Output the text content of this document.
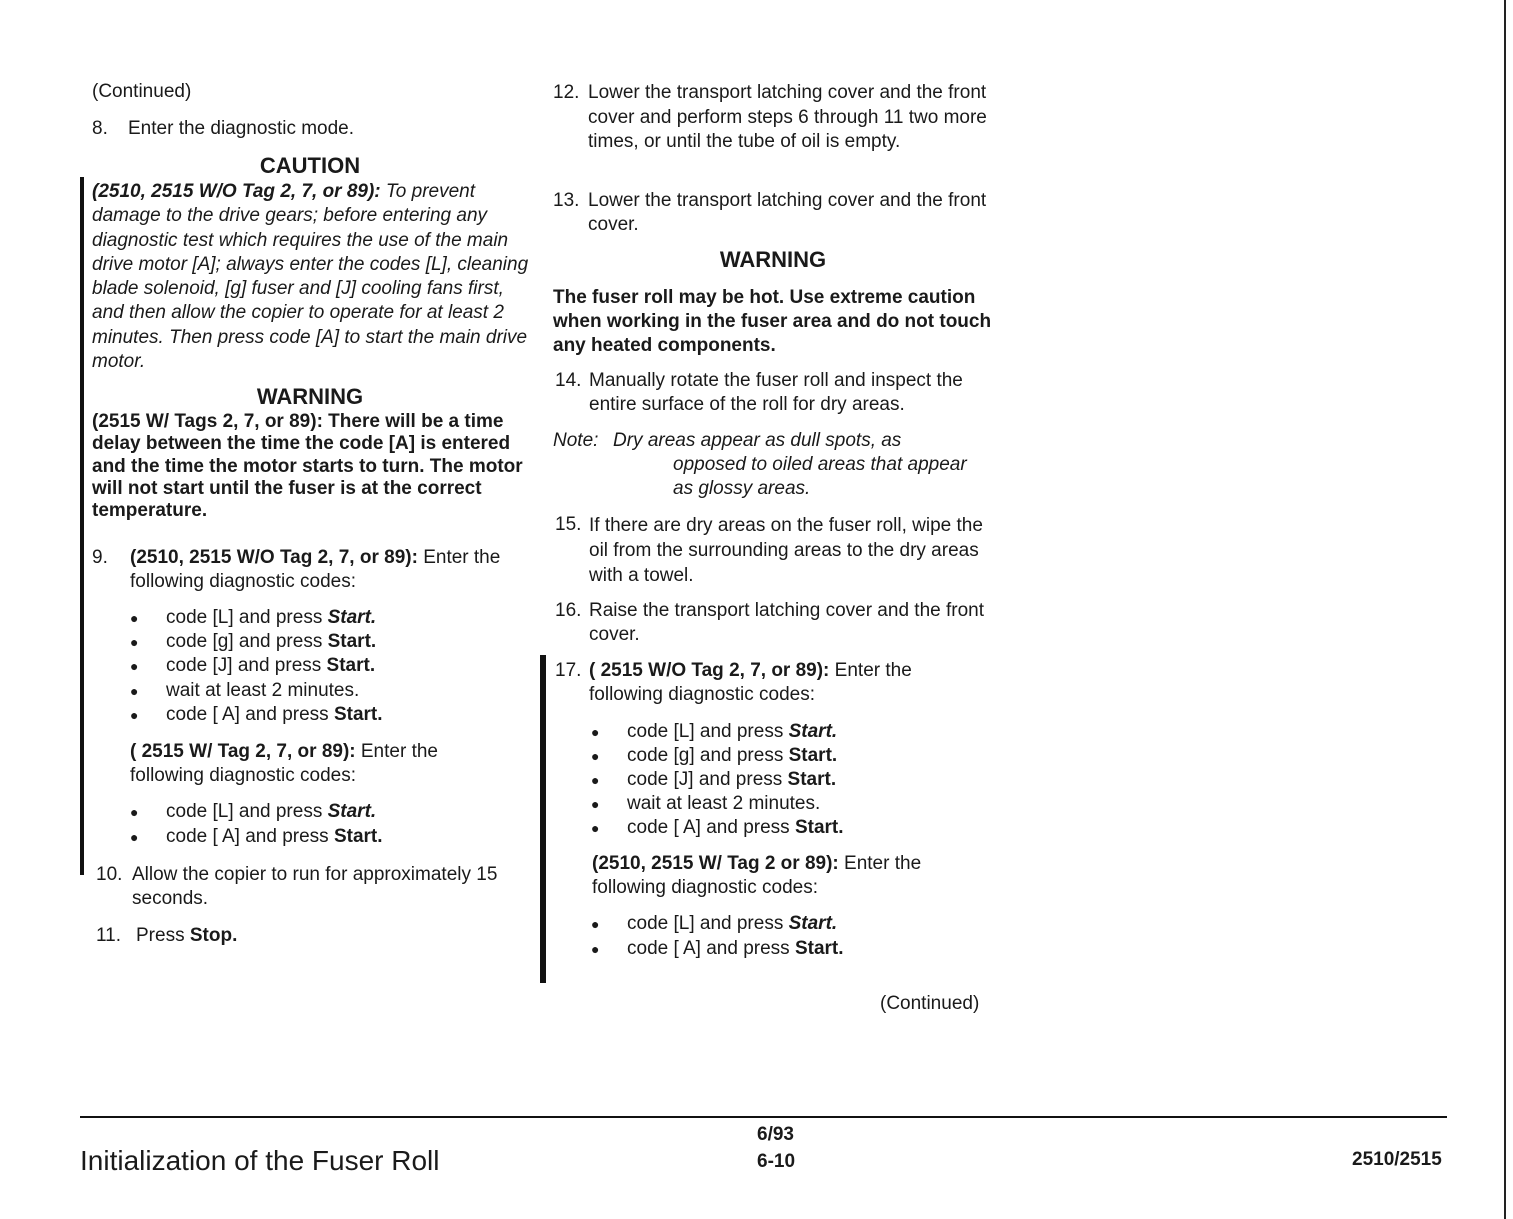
(Continued)
8. Enter the diagnostic mode.
CAUTION
(2510, 2515 W/O Tag 2, 7, or 89): To prevent damage to the drive gears; before entering any diagnostic test which requires the use of the main drive motor [A]; always enter the codes [L], cleaning blade solenoid, [g] fuser and [J] cooling fans first, and then allow the copier to operate for at least 2 minutes. Then press code [A] to start the main drive motor.
WARNING
(2515 W/ Tags 2, 7, or 89): There will be a time delay between the time the code [A] is entered and the time the motor starts to turn. The motor will not start until the fuser is at the correct temperature.
9. (2510, 2515 W/O Tag 2, 7, or 89): Enter the following diagnostic codes:
● code [L] and press Start.
● code [g] and press Start.
● code [J] and press Start.
● wait at least 2 minutes.
● code [ A] and press Start.
( 2515 W/ Tag 2, 7, or 89): Enter the following diagnostic codes:
● code [L] and press Start.
● code [ A] and press Start.
10. Allow the copier to run for approximately 15 seconds.
11. Press Stop.
12. Lower the transport latching cover and the front cover and perform steps 6 through 11 two more times, or until the tube of oil is empty.
13. Lower the transport latching cover and the front cover.
WARNING
The fuser roll may be hot. Use extreme caution when working in the fuser area and do not touch any heated components.
14. Manually rotate the fuser roll and inspect the entire surface of the roll for dry areas.
Note: Dry areas appear as dull spots, as opposed to oiled areas that appear as glossy areas.
15. If there are dry areas on the fuser roll, wipe the oil from the surrounding areas to the dry areas with a towel.
16. Raise the transport latching cover and the front cover.
17. ( 2515 W/O Tag 2, 7, or 89): Enter the following diagnostic codes:
● code [L] and press Start.
● code [g] and press Start.
● code [J] and press Start.
● wait at least 2 minutes.
● code [ A] and press Start.
(2510, 2515 W/ Tag 2 or 89): Enter the following diagnostic codes:
● code [L] and press Start.
● code [ A] and press Start.
(Continued)
Initialization of the Fuser Roll
6/93
6-10	2510/2515
